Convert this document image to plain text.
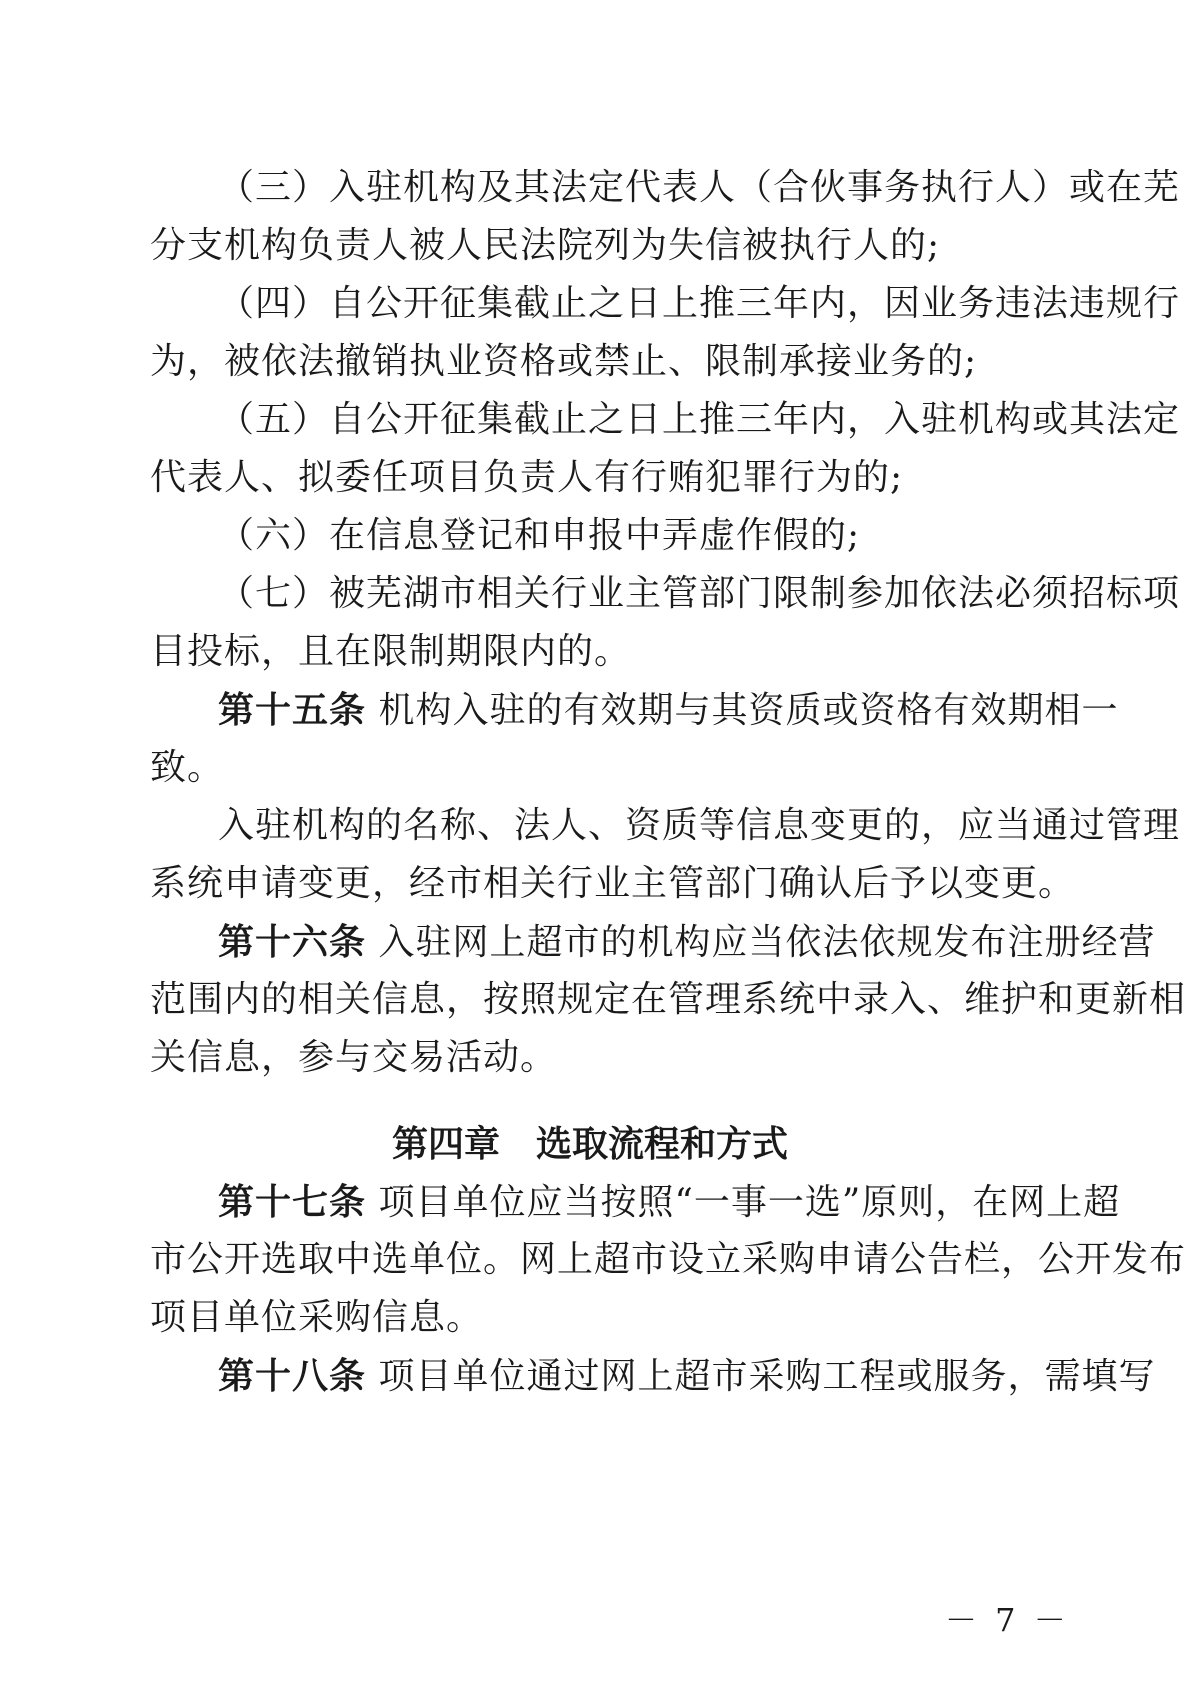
（三）入驻机构及其法定代表人（合伙事务执行人）或在芜
分支机构负责人被人民法院列为失信被执行人的;
（四）自公开征集截止之日上推三年内，因业务违法违规行
为，被依法撤销执业资格或禁止、限制承接业务的;
（五）自公开征集截止之日上推三年内，入驻机构或其法定
代表人、拟委任项目负责人有行贿犯罪行为的;
（六）在信息登记和申报中弄虚作假的;
（七）被芜湖市相关行业主管部门限制参加依法必须招标项
目投标，且在限制期限内的。
第十五条 机构入驻的有效期与其资质或资格有效期相一
致。
入驻机构的名称、法人、资质等信息变更的，应当通过管理
系统申请变更，经市相关行业主管部门确认后予以变更。
第十六条 入驻网上超市的机构应当依法依规发布注册经营
范围内的相关信息，按照规定在管理系统中录入、维护和更新相
关信息，参与交易活动。
第四章　选取流程和方式
第十七条 项目单位应当按照“一事一选”原则，在网上超
市公开选取中选单位。网上超市设立采购申请公告栏，公开发布
项目单位采购信息。
第十八条 项目单位通过网上超市采购工程或服务，需填写
－ 7 －
